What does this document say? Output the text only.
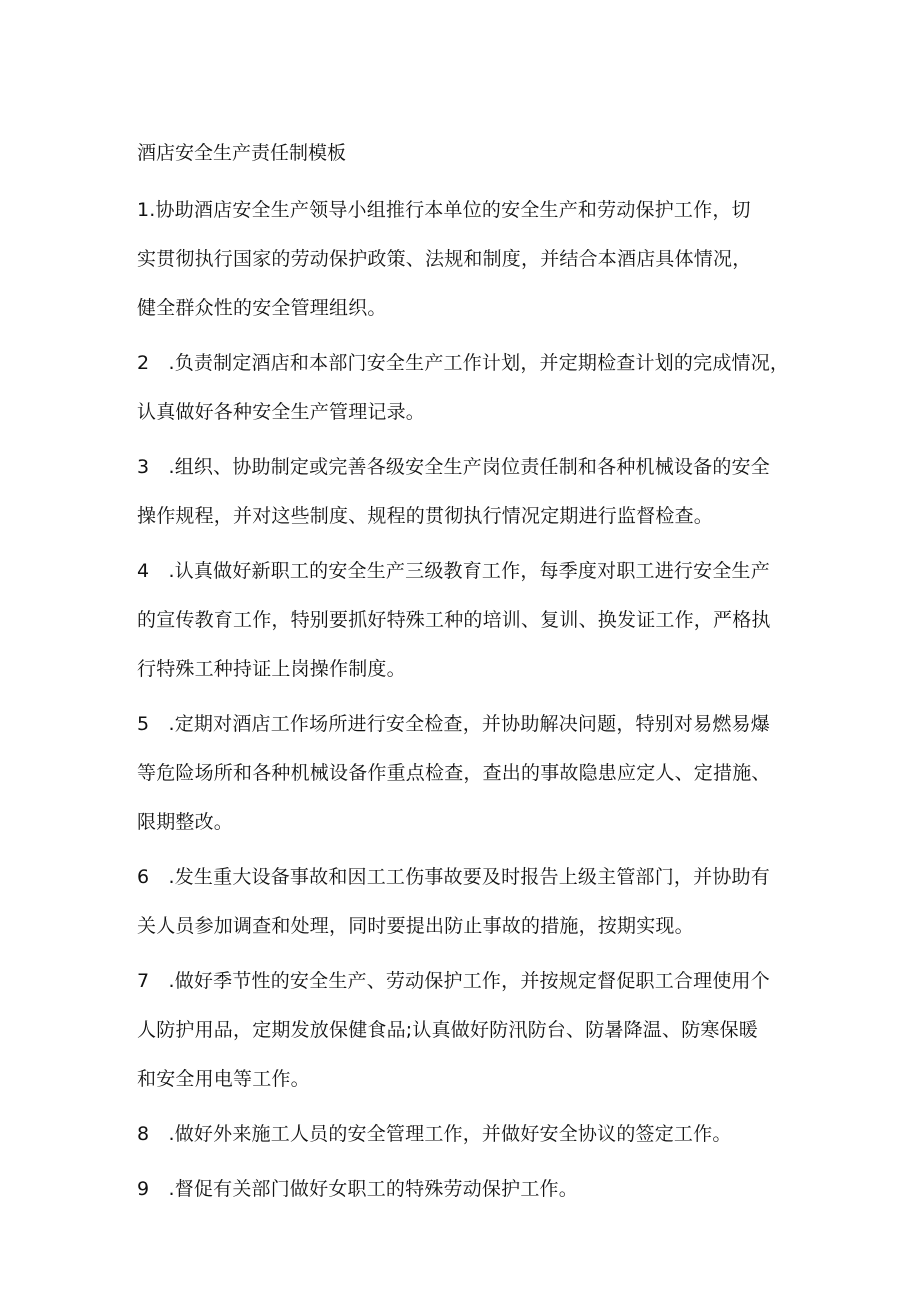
酒店安全生产责任制模板
1.协助酒店安全生产领导小组推行本单位的安全生产和劳动保护工作，切
实贯彻执行国家的劳动保护政策、法规和制度，并结合本酒店具体情况，
健全群众性的安全管理组织。
2　.负责制定酒店和本部门安全生产工作计划，并定期检查计划的完成情况，
认真做好各种安全生产管理记录。
3　.组织、协助制定或完善各级安全生产岗位责任制和各种机械设备的安全
操作规程，并对这些制度、规程的贯彻执行情况定期进行监督检查。
4　.认真做好新职工的安全生产三级教育工作，每季度对职工进行安全生产
的宣传教育工作，特别要抓好特殊工种的培训、复训、换发证工作，严格执
行特殊工种持证上岗操作制度。
5　.定期对酒店工作场所进行安全检查，并协助解决问题，特别对易燃易爆
等危险场所和各种机械设备作重点检查，查出的事故隐患应定人、定措施、
限期整改。
6　.发生重大设备事故和因工工伤事故要及时报告上级主管部门，并协助有
关人员参加调查和处理，同时要提出防止事故的措施，按期实现。
7　.做好季节性的安全生产、劳动保护工作，并按规定督促职工合理使用个
人防护用品，定期发放保健食品;认真做好防汛防台、防暑降温、防寒保暖
和安全用电等工作。
8　.做好外来施工人员的安全管理工作，并做好安全协议的签定工作。
9　.督促有关部门做好女职工的特殊劳动保护工作。
